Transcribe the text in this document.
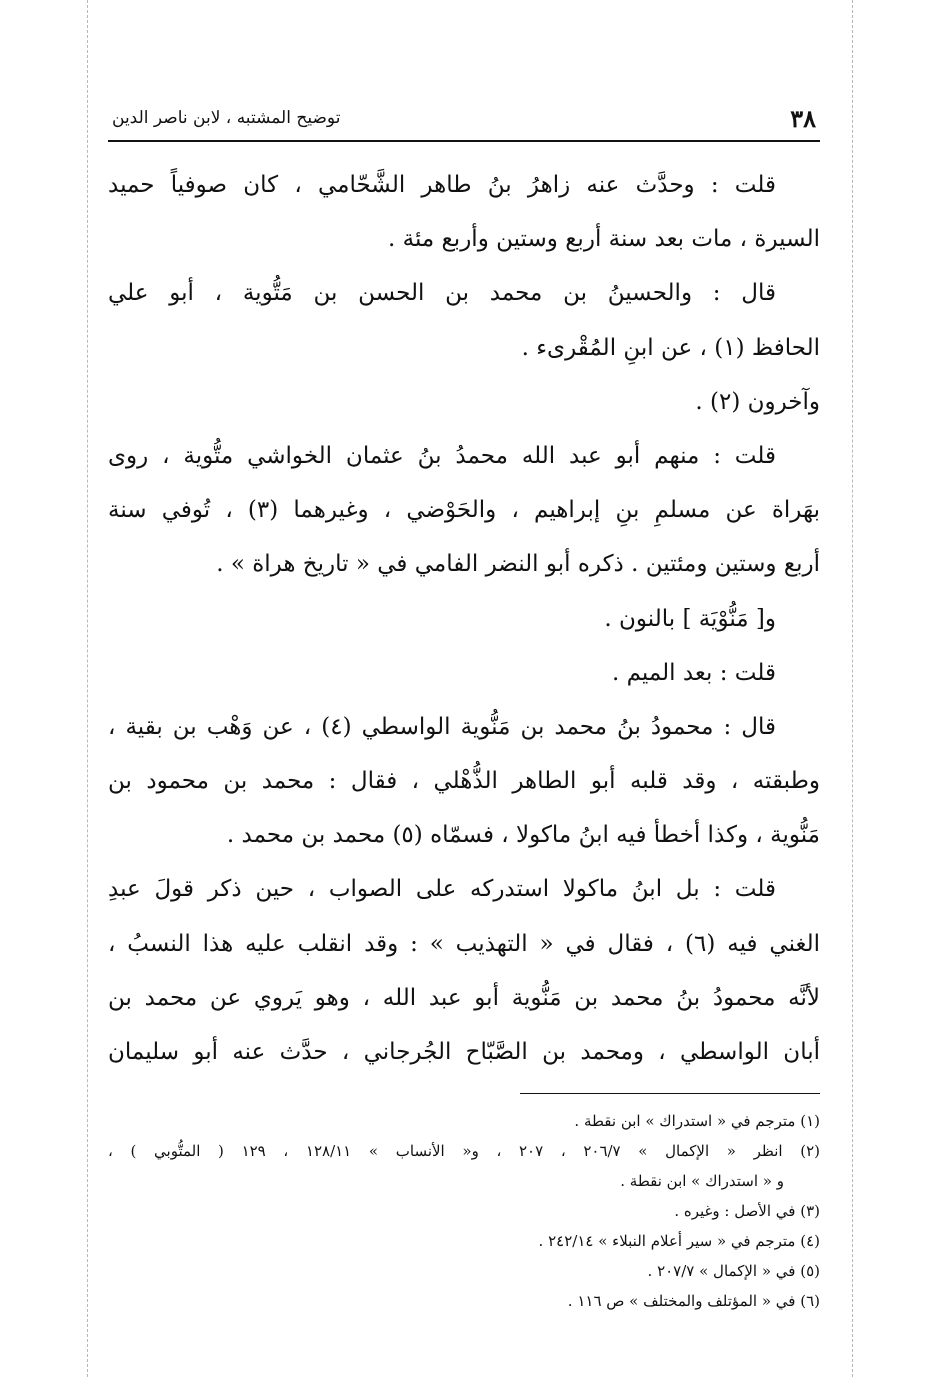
٣٨
توضيح المشتبه ، لابن ناصر الدين
قلت : وحدَّث عنه زاهرُ بنُ طاهر الشَّحّامي ، كان صوفياً حميد
السيرة ، مات بعد سنة أربع وستين وأربع مئة .
قال : والحسينُ بن محمد بن الحسن بن مَتُّوية ، أبو علي
الحافظ (١) ، عن ابنِ المُقْرىء .
وآخرون (٢) .
قلت : منهم أبو عبد الله محمدُ بنُ عثمان الخواشي متُّوية ، روى
بهَراة عن مسلمِ بنِ إبراهيم ، والحَوْضي ، وغيرهما (٣) ، تُوفي سنة
أربع وستين ومئتين . ذكره أبو النضر الفامي في « تاريخ هراة » .
و[ مَنُّوْيَة ] بالنون .
قلت : بعد الميم .
قال : محمودُ بنُ محمد بن مَنُّوية الواسطي (٤) ، عن وَهْب بن بقية ،
وطبقته ، وقد قلبه أبو الطاهر الذُّهْلي ، فقال : محمد بن محمود بن
مَنُّوية ، وكذا أخطأ فيه ابنُ ماكولا ، فسمّاه (٥) محمد بن محمد .
قلت : بل ابنُ ماكولا استدركه على الصواب ، حين ذكر قولَ عبدِ
الغني فيه (٦) ، فقال في « التهذيب » : وقد انقلب عليه هذا النسبُ ،
لأنَّه محمودُ بنُ محمد بن مَنُّوية أبو عبد الله ، وهو يَروي عن محمد بن
أبان الواسطي ، ومحمد بن الصَّبّاح الجُرجاني ، حدَّث عنه أبو سليمان
(١) مترجم في « استدراك » ابن نقطة .
(٢) انظر « الإكمال » ٢٠٦/٧ ، ٢٠٧ ، و« الأنساب » ١٢٨/١١ ، ١٢٩ ( المتُّوبي ) ،
و « استدراك » ابن نقطة .
(٣) في الأصل : وغيره .
(٤) مترجم في « سير أعلام النبلاء » ٢٤٢/١٤ .
(٥) في « الإكمال » ٢٠٧/٧ .
(٦) في « المؤتلف والمختلف » ص ١١٦ .
